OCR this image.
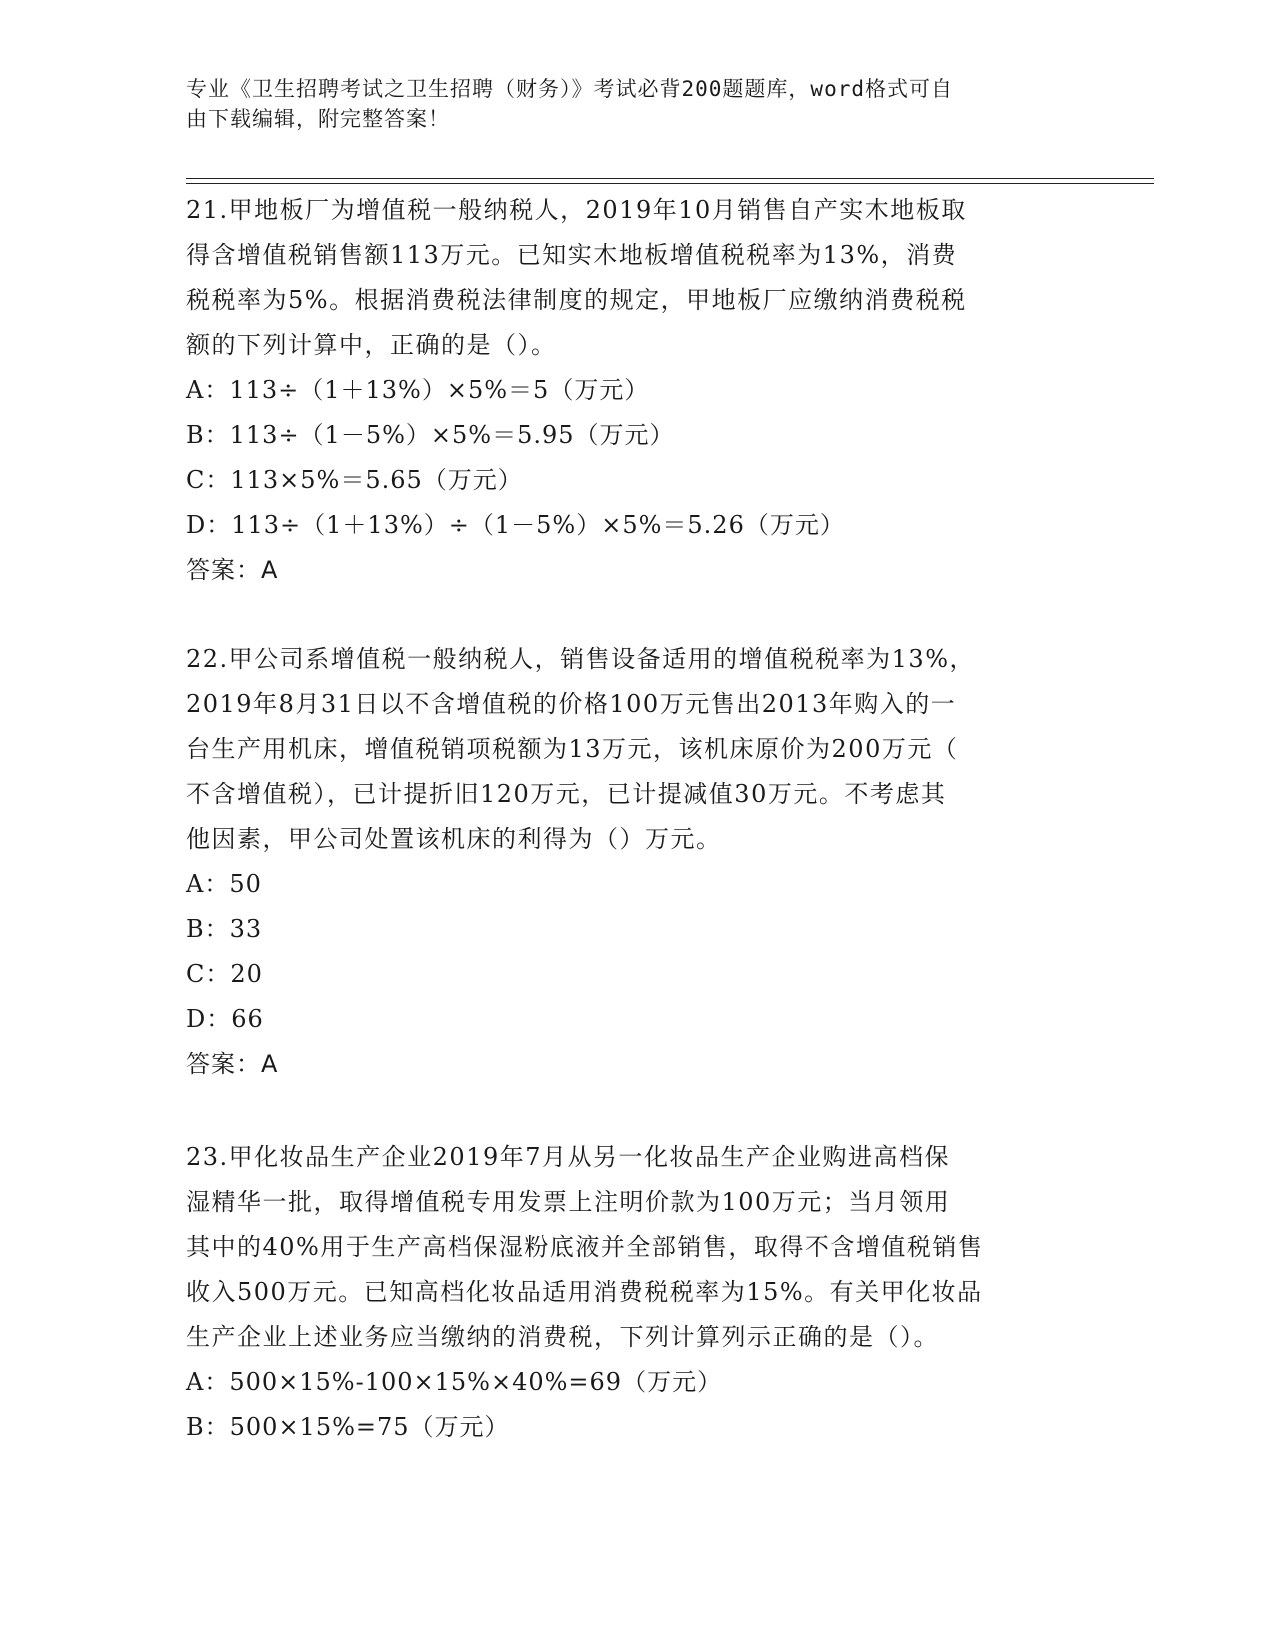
专业《卫生招聘考试之卫生招聘（财务）》考试必背200题题库，word格式可自
由下载编辑，附完整答案！

21.甲地板厂为增值税一般纳税人，2019年10月销售自产实木地板取

得含增值税销售额113万元。已知实木地板增值税税率为13%，消费

税税率为5%。根据消费税法律制度的规定，甲地板厂应缴纳消费税税

额的下列计算中，正确的是（）。

A：113÷（1＋13%）×5%＝5（万元）

B：113÷（1－5%）×5%＝5.95（万元）

C：113×5%＝5.65（万元）

D：113÷（1＋13%）÷（1－5%）×5%＝5.26（万元）

答案：A

22.甲公司系增值税一般纳税人，销售设备适用的增值税税率为13%，

2019年8月31日以不含增值税的价格100万元售出2013年购入的一

台生产用机床，增值税销项税额为13万元，该机床原价为200万元（

不含增值税），已计提折旧120万元，已计提减值30万元。不考虑其

他因素，甲公司处置该机床的利得为（）万元。

A：50

B：33

C：20

D：66

答案：A

23.甲化妆品生产企业2019年7月从另一化妆品生产企业购进高档保

湿精华一批，取得增值税专用发票上注明价款为100万元；当月领用

其中的40%用于生产高档保湿粉底液并全部销售，取得不含增值税销售

收入500万元。已知高档化妆品适用消费税税率为15%。有关甲化妆品

生产企业上述业务应当缴纳的消费税，下列计算列示正确的是（）。

A：500×15%-100×15%×40%=69（万元）

B：500×15%=75（万元）
